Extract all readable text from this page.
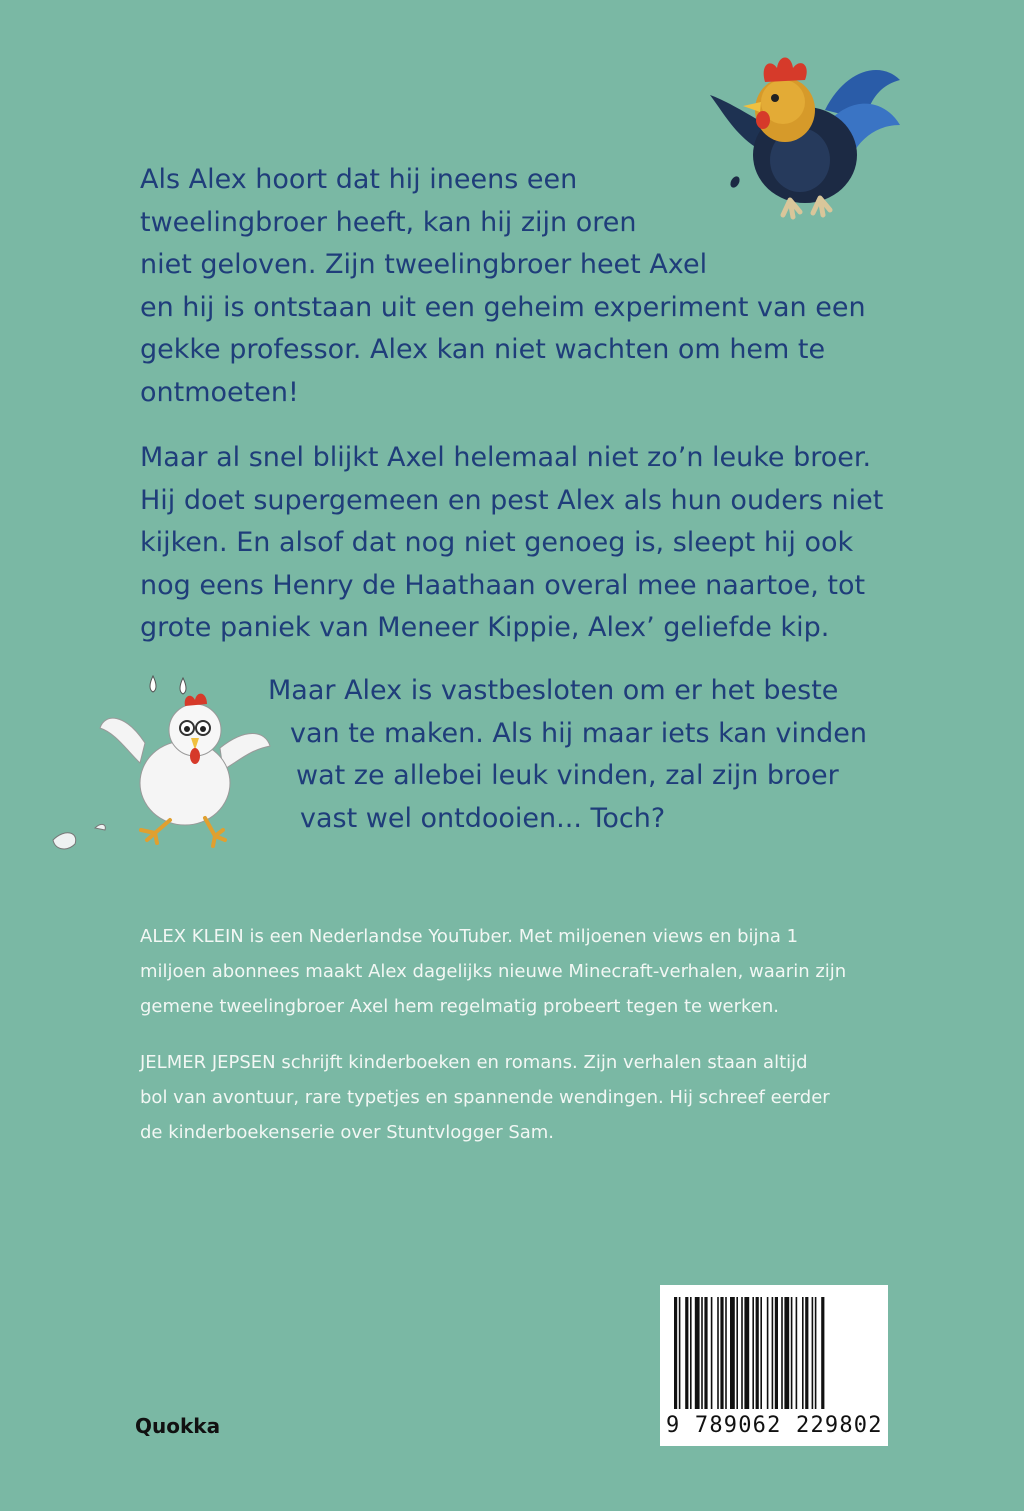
Als Alex hoort dat hij ineens een
tweelingbroer heeft, kan hij zijn oren
niet geloven. Zijn tweelingbroer heet Axel
en hij is ontstaan uit een geheim experiment van een
gekke professor. Alex kan niet wachten om hem te
ontmoeten!
Maar al snel blijkt Axel helemaal niet zo’n leuke broer.
Hij doet supergemeen en pest Alex als hun ouders niet
kijken. En alsof dat nog niet genoeg is, sleept hij ook
nog eens Henry de Haathaan overal mee naartoe, tot
grote paniek van Meneer Kippie, Alex’ geliefde kip.
Maar Alex is vastbesloten om er het beste
van te maken. Als hij maar iets kan vinden
wat ze allebei leuk vinden, zal zijn broer
vast wel ontdooien... Toch?
ALEX KLEIN is een Nederlandse YouTuber. Met miljoenen views en bijna 1
miljoen abonnees maakt Alex dagelijks nieuwe Minecraft-verhalen, waarin zijn
gemene tweelingbroer Axel hem regelmatig probeert tegen te werken.
JELMER JEPSEN schrijft kinderboeken en romans. Zijn verhalen staan altijd
bol van avontuur, rare typetjes en spannende wendingen. Hij schreef eerder
de kinderboekenserie over Stuntvlogger Sam.
Quokka	9 789062 229802
